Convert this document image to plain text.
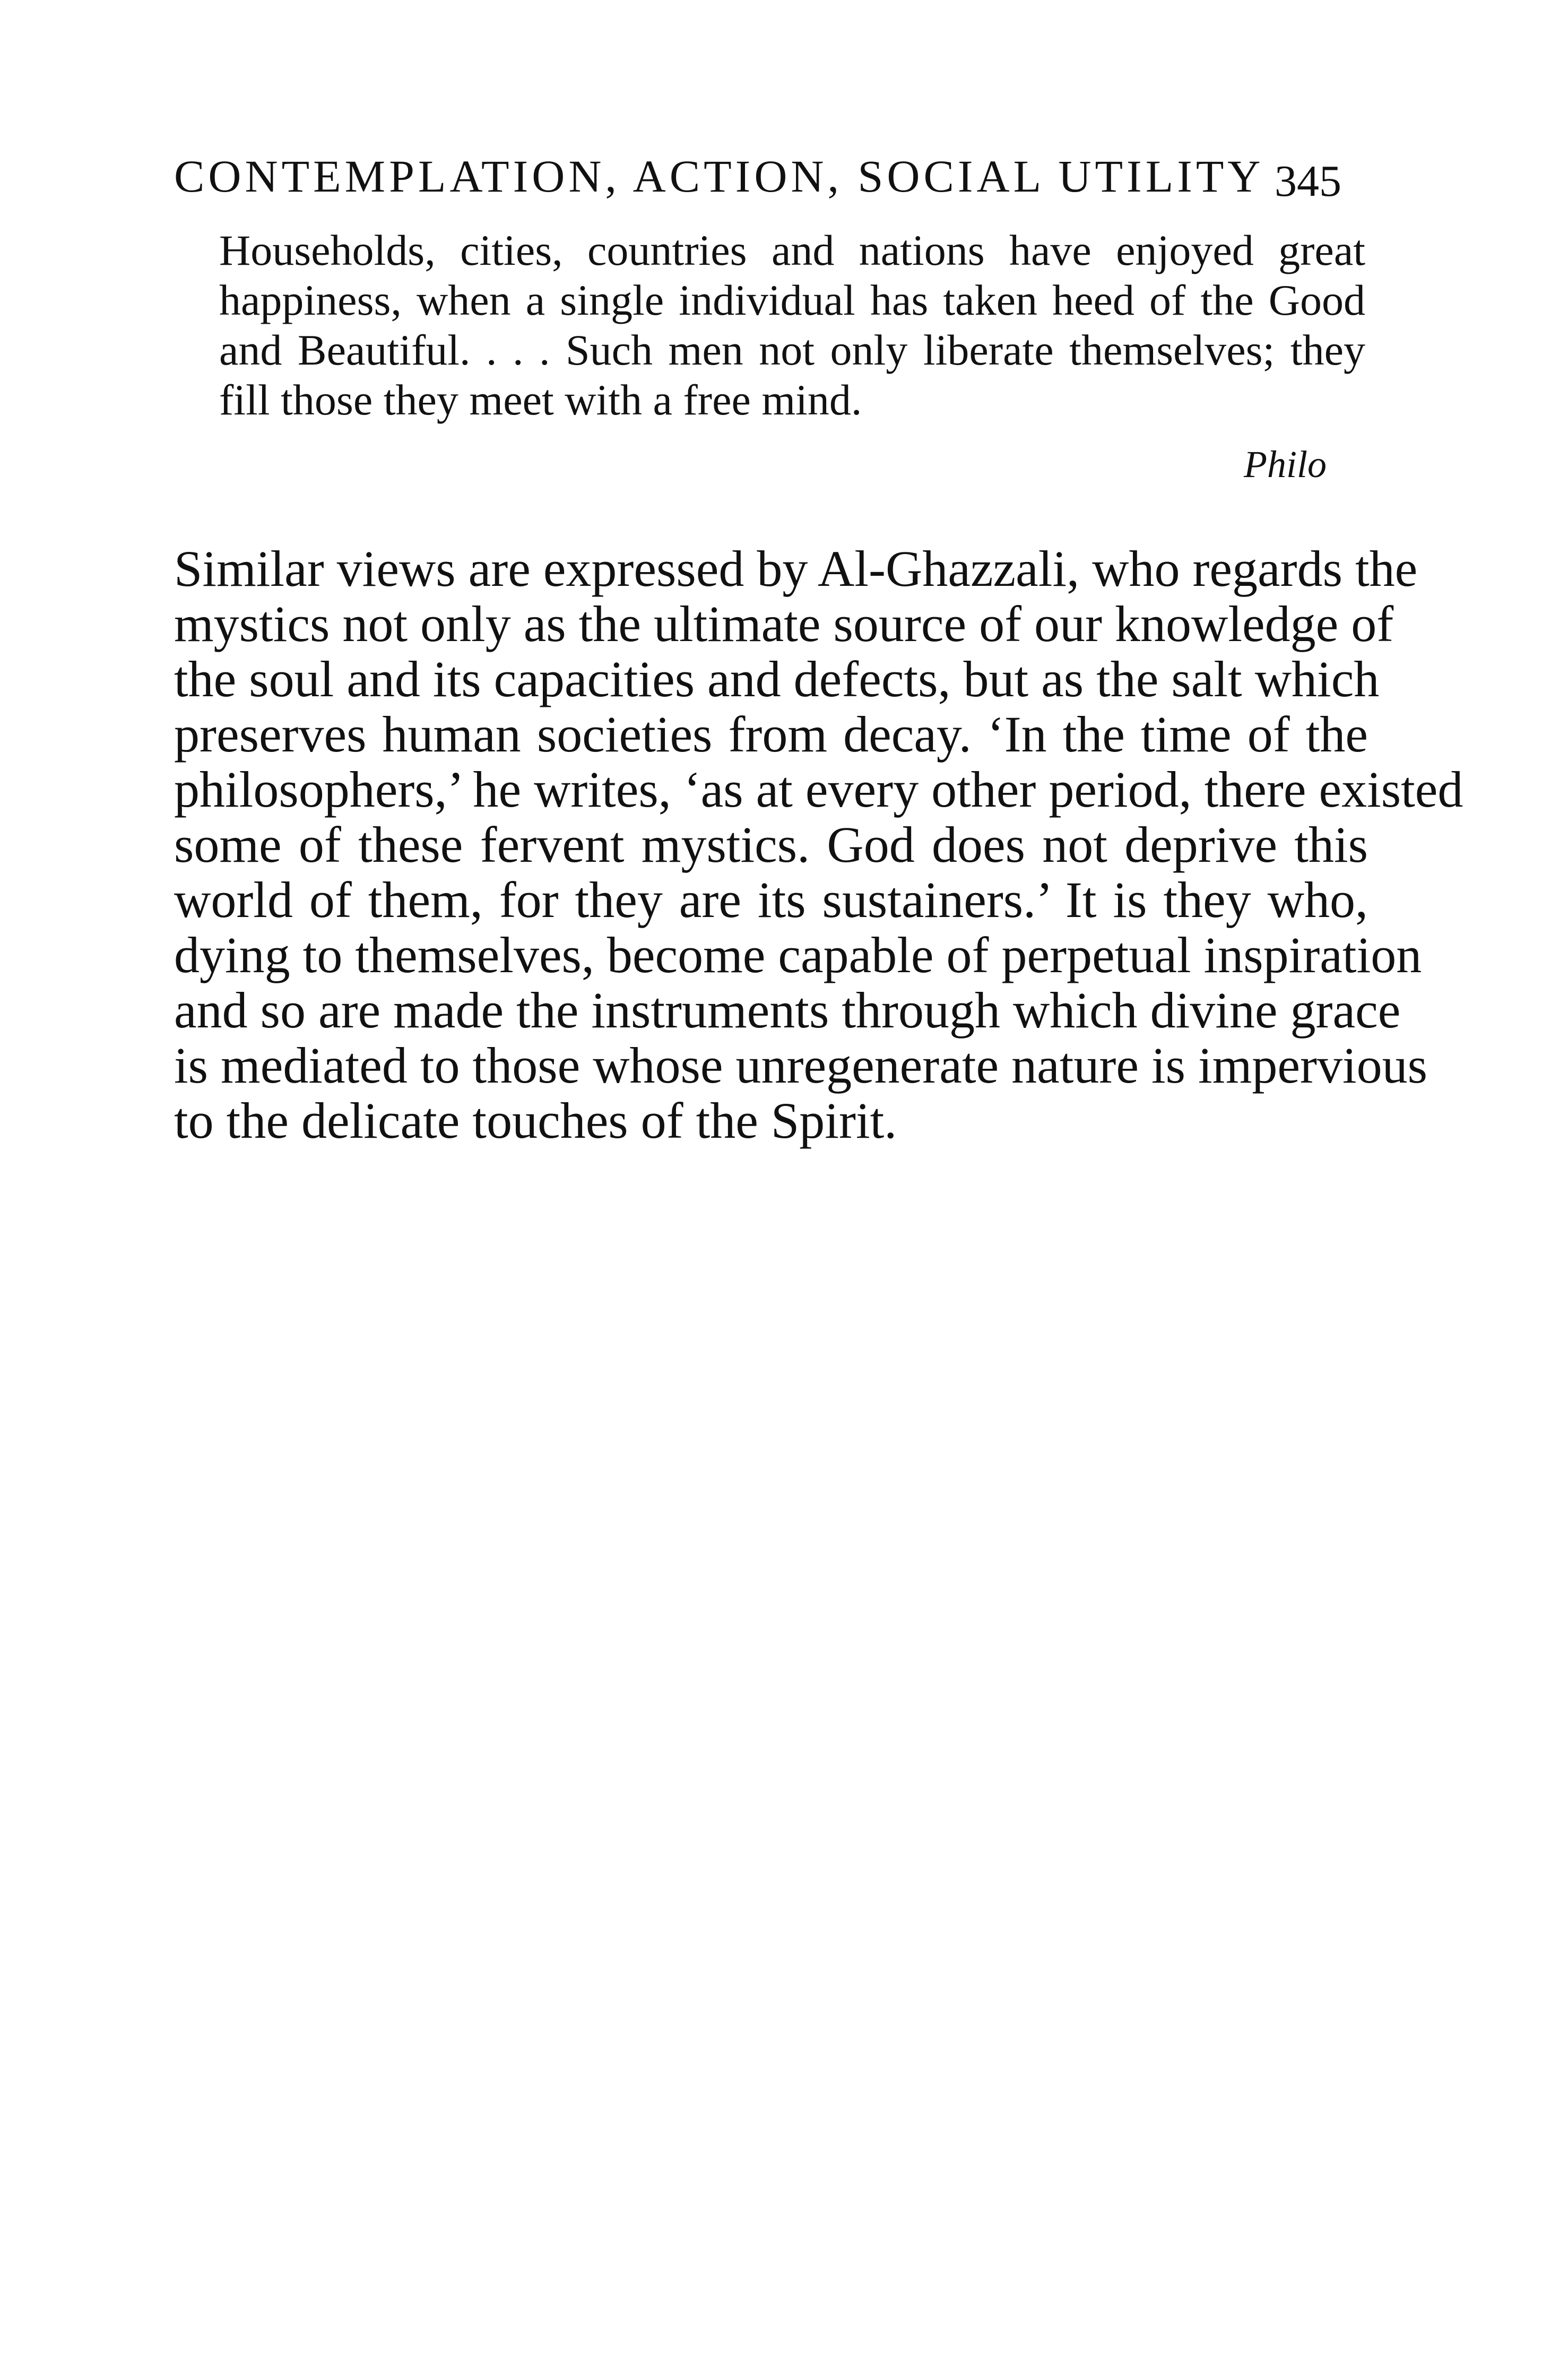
CONTEMPLATION, ACTION, SOCIAL UTILITY 345
Households, cities, countries and nations have enjoyed great
happiness, when a single individual has taken heed of the Good
and Beautiful. . . . Such men not only liberate themselves; they
fill those they meet with a free mind.
Philo
Similar views are expressed by Al-Ghazzali, who regards the
mystics not only as the ultimate source of our knowledge of
the soul and its capacities and defects, but as the salt which
preserves human societies from decay. ‘In the time of the
philosophers,’ he writes, ‘as at every other period, there existed
some of these fervent mystics. God does not deprive this
world of them, for they are its sustainers.’ It is they who,
dying to themselves, become capable of perpetual inspiration
and so are made the instruments through which divine grace
is mediated to those whose unregenerate nature is impervious
to the delicate touches of the Spirit.
